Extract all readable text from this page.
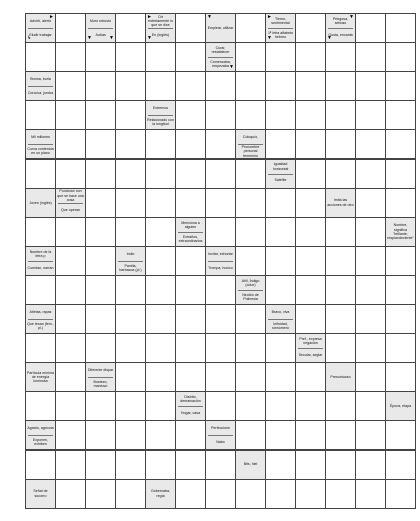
Advirtí, alertó
Eludir trabajar
►
↳
Muro robusto
Judías
▼	▼
Oír entretamente lo que se dice
En (inglés)
►
▼
Emplear, utilizar
▼	Tierno, sentimental
1ª letra alfabeto hebreo
►
▼
Pringosa, seboso
Gusta, encanta
▼
▼
Curar, restablecer
Comenzaba, empezaba ▼
Broma, burla
Corcova, joroba
Extremos
Relacionado con la longitud
Mil millones
Curva contenida en un plano
Coloquio,
Pronombre personal femenino
Igualdad horizontal
Satélite
Joven (inglés)
Pundonor con que se hace una cosa
Que operan
Imita las acciones de otro
Menciona a alguien
Extraños, extraordinarios
Nombre, significa "brillante, resplandeciente"
Nombre de la letra p
Cuentan, narran
Indio
Pantila, barbacoa (pl.)
Incitar, exhortar
Trompa, hocico
Añil, Índigo (color)
Neutón de Polinesia
Atletas, rapas
Que tesan (fem., pl.)
Bravo, viva
Infinidad, sinnúmero
Pref., expresa negación
Secular, seglar
Partícula mínima de energía luminosa
Diferente dispar
Bostezo, mantuvo
Presuntuoso
Distrito, demarcación
Hogar, casa
Época, etapa
Agrario, agrícola
Exponen, exhiben
Perfeccione
Nabo
Bits, hiel
Señal de socorro
Gobernaba, regía
